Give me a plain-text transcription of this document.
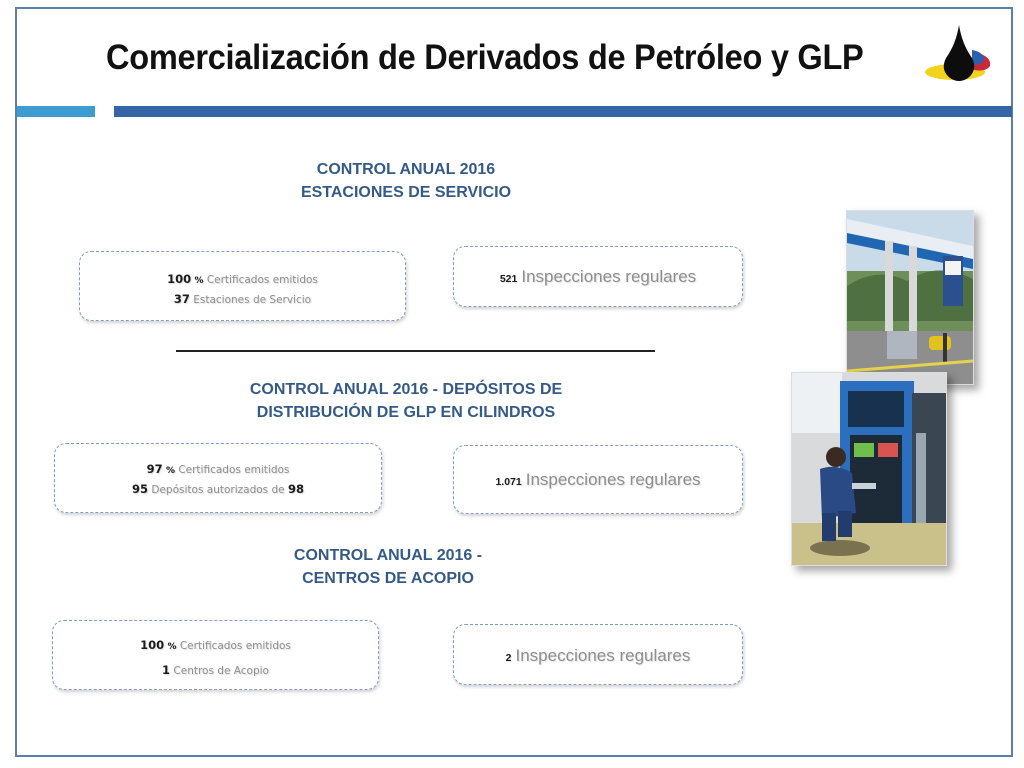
Comercialización de Derivados de Petróleo y GLP
CONTROL ANUAL 2016
ESTACIONES DE SERVICIO
100 % Certificados emitidos
37 Estaciones de Servicio
521 Inspecciones regulares
CONTROL ANUAL 2016 - DEPÓSITOS DE
DISTRIBUCIÓN DE GLP EN CILINDROS
97 % Certificados emitidos
95 Depósitos autorizados de 98	1.071 Inspecciones regulares
CONTROL ANUAL 2016 -
CENTROS DE ACOPIO
100 % Certificados emitidos
1 Centros de Acopio
2 Inspecciones regulares
